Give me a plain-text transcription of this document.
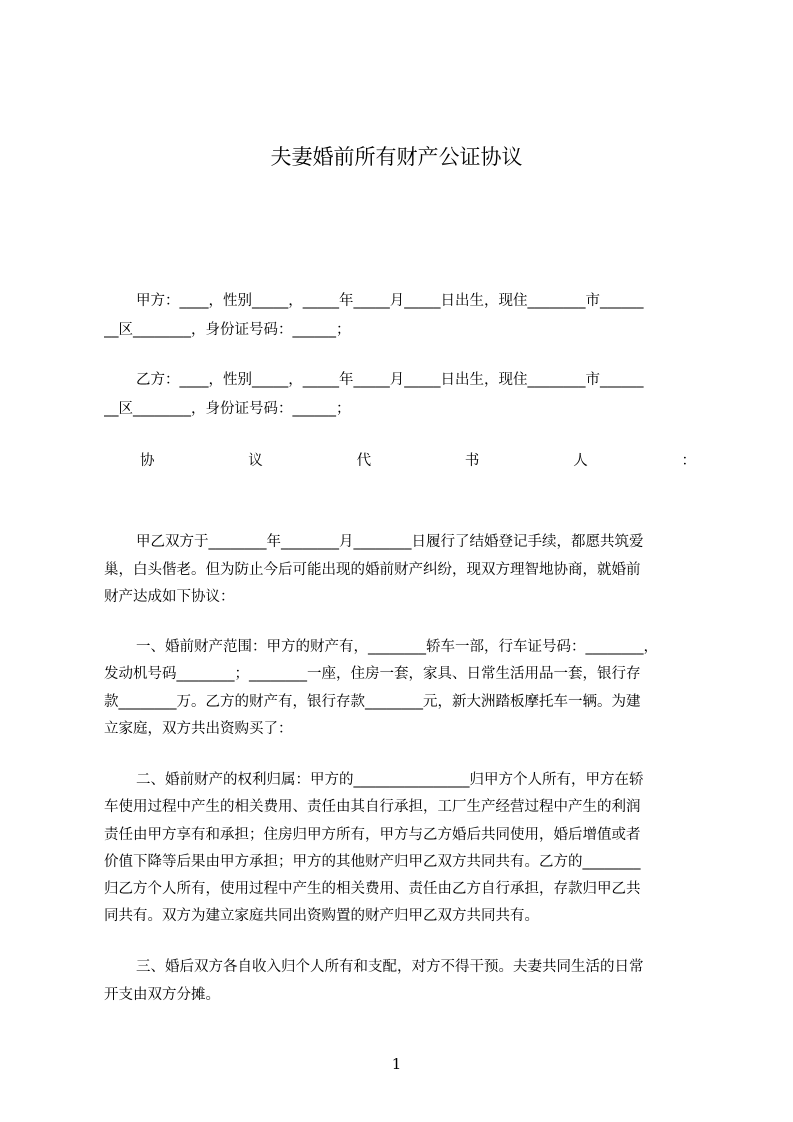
夫妻婚前所有财产公证协议
甲方：____，性别_____，_____年_____月_____日出生，现住________市______
__区________，身份证号码：______；
乙方：____，性别_____，_____年_____月_____日出生，现住________市______
__区________，身份证号码：______；
协	议	代	书	人	：
甲乙双方于________年________月________日履行了结婚登记手续，都愿共筑爱
巢，白头偕老。但为防止今后可能出现的婚前财产纠纷，现双方理智地协商，就婚前
财产达成如下协议：
一、婚前财产范围：甲方的财产有，________轿车一部，行车证号码：________，
发动机号码________；________一座，住房一套，家具、日常生活用品一套，银行存
款________万。乙方的财产有，银行存款________元，新大洲踏板摩托车一辆。为建
立家庭，双方共出资购买了：
二、婚前财产的权利归属：甲方的________________归甲方个人所有，甲方在轿
车使用过程中产生的相关费用、责任由其自行承担，工厂生产经营过程中产生的利润
责任由甲方享有和承担；住房归甲方所有，甲方与乙方婚后共同使用，婚后增值或者
价值下降等后果由甲方承担；甲方的其他财产归甲乙双方共同共有。乙方的________
归乙方个人所有，使用过程中产生的相关费用、责任由乙方自行承担，存款归甲乙共
同共有。双方为建立家庭共同出资购置的财产归甲乙双方共同共有。
三、婚后双方各自收入归个人所有和支配，对方不得干预。夫妻共同生活的日常
开支由双方分摊。
1
